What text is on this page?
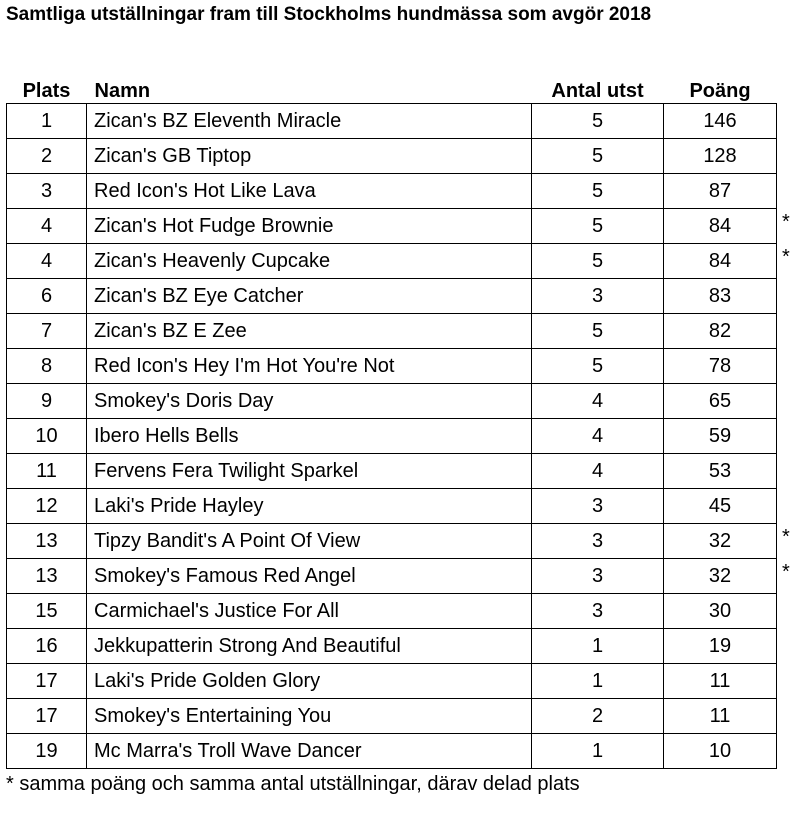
Samtliga utställningar fram till Stockholms hundmässa som avgör 2018
Plats	Namn	Antal utst	Poäng
1	Zican's BZ Eleventh Miracle	5	146
2	Zican's GB Tiptop	5	128
3	Red Icon's Hot Like Lava	5	87
4	Zican's Hot Fudge Brownie	5	84
4	Zican's Heavenly Cupcake	5	84
6	Zican's BZ Eye Catcher	3	83
7	Zican's BZ E Zee	5	82
8	Red Icon's Hey I'm Hot You're Not	5	78
9	Smokey's Doris Day	4	65
10	Ibero Hells Bells	4	59
11	Fervens Fera Twilight Sparkel	4	53
12	Laki's Pride Hayley	3	45
13	Tipzy Bandit's A Point Of View	3	32
13	Smokey's Famous Red Angel	3	32
15	Carmichael's Justice For All	3	30
16	Jekkupatterin Strong And Beautiful	1	19
17	Laki's Pride Golden Glory	1	11
17	Smokey's Entertaining You	2	11
19	Mc Marra's Troll Wave Dancer	1	10
*
*
*
*
* samma poäng och samma antal utställningar, därav delad plats
